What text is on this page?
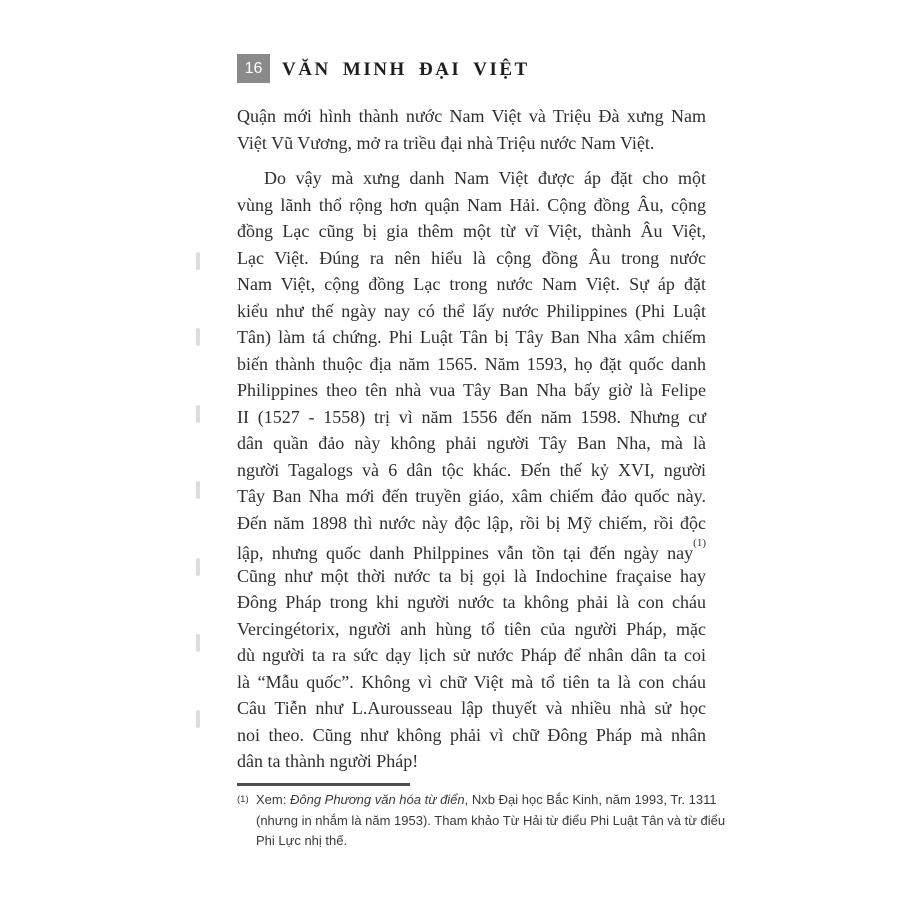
16 VĂN MINH ĐẠI VIỆT
Quận mới hình thành nước Nam Việt và Triệu Đà xưng Nam
Việt Vũ Vương, mở ra triều đại nhà Triệu nước Nam Việt.
Do vậy mà xưng danh Nam Việt được áp đặt cho một
vùng lãnh thổ rộng hơn quận Nam Hải. Cộng đồng Âu, cộng
đồng Lạc cũng bị gia thêm một từ vĩ Việt, thành Âu Việt,
Lạc Việt. Đúng ra nên hiểu là cộng đồng Âu trong nước
Nam Việt, cộng đồng Lạc trong nước Nam Việt. Sự áp đặt
kiểu như thế ngày nay có thể lấy nước Philippines (Phi Luật
Tân) làm tá chứng. Phi Luật Tân bị Tây Ban Nha xâm chiếm
biến thành thuộc địa năm 1565. Năm 1593, họ đặt quốc danh
Philippines theo tên nhà vua Tây Ban Nha bấy giờ là Felipe
II (1527 - 1558) trị vì năm 1556 đến năm 1598. Nhưng cư
dân quần đảo này không phải người Tây Ban Nha, mà là
người Tagalogs và 6 dân tộc khác. Đến thế kỷ XVI, người
Tây Ban Nha mới đến truyền giáo, xâm chiếm đảo quốc này.
Đến năm 1898 thì nước này độc lập, rồi bị Mỹ chiếm, rồi độc
lập, nhưng quốc danh Philppines vẫn tồn tại đến ngày nay$^{(1)}$
Cũng như một thời nước ta bị gọi là Indochine fraçaise hay
Đông Pháp trong khi người nước ta không phải là con cháu
Vercingétorix, người anh hùng tổ tiên của người Pháp, mặc
dù người ta ra sức dạy lịch sử nước Pháp để nhân dân ta coi
là “Mẫu quốc”. Không vì chữ Việt mà tổ tiên ta là con cháu
Câu Tiễn như L.Aurousseau lập thuyết và nhiều nhà sử học
noi theo. Cũng như không phải vì chữ Đông Pháp mà nhân
dân ta thành người Pháp!
(1) Xem: Đông Phương văn hóa từ điển, Nxb Đại học Bắc Kinh, năm 1993, Tr. 1311
(nhưng in nhắm là năm 1953). Tham khảo Từ Hải từ điểu Phi Luật Tân và từ điểu
Phi Lực nhị thế.
